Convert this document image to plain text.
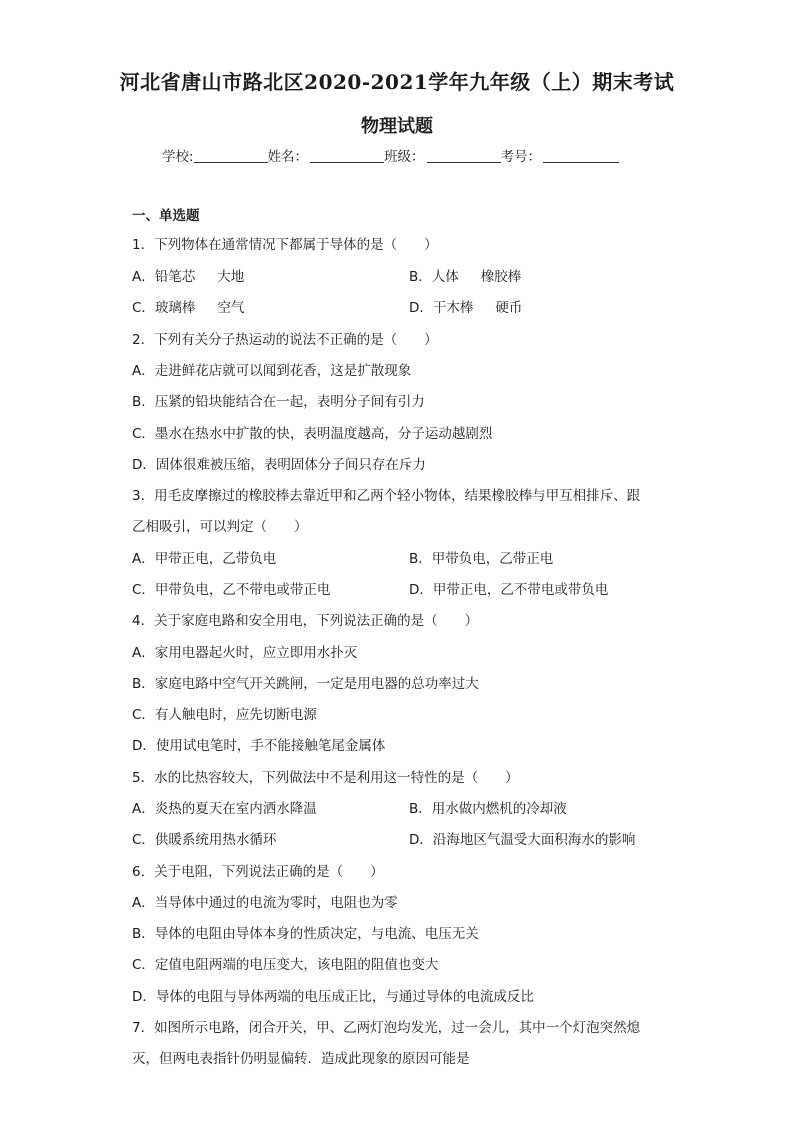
河北省唐山市路北区2020-2021学年九年级（上）期末考试
物理试题
学校:	姓名：	班级：	考号：
一、单选题
1．下列物体在通常情况下都属于导体的是（　　）
A．铅笔芯 大地	B．人体 橡胶棒
C．玻璃棒 空气	D．干木棒 硬币
2．下列有关分子热运动的说法不正确的是（　　）
A．走进鲜花店就可以闻到花香，这是扩散现象
B．压紧的铅块能结合在一起，表明分子间有引力
C．墨水在热水中扩散的快，表明温度越高，分子运动越剧烈
D．固体很难被压缩，表明固体分子间只存在斥力
3．用毛皮摩擦过的橡胶棒去靠近甲和乙两个轻小物体，结果橡胶棒与甲互相排斥、跟
乙相吸引，可以判定（　　）
A．甲带正电，乙带负电	B．甲带负电，乙带正电
C．甲带负电，乙不带电或带正电	D．甲带正电，乙不带电或带负电
4．关于家庭电路和安全用电，下列说法正确的是（　　）
A．家用电器起火时，应立即用水扑灭
B．家庭电路中空气开关跳闸，一定是用电器的总功率过大
C．有人触电时，应先切断电源
D．使用试电笔时，手不能接触笔尾金属体
5．水的比热容较大，下列做法中不是利用这一特性的是（　　）
A．炎热的夏天在室内洒水降温	B．用水做内燃机的冷却液
C．供暖系统用热水循环	D．沿海地区气温受大面积海水的影响
6．关于电阻，下列说法正确的是（　　）
A．当导体中通过的电流为零时，电阻也为零
B．导体的电阻由导体本身的性质决定，与电流、电压无关
C．定值电阻两端的电压变大，该电阻的阻值也变大
D．导体的电阻与导体两端的电压成正比，与通过导体的电流成反比
7．如图所示电路，闭合开关，甲、乙两灯泡均发光，过一会儿，其中一个灯泡突然熄
灭，但两电表指针仍明显偏转．造成此现象的原因可能是
